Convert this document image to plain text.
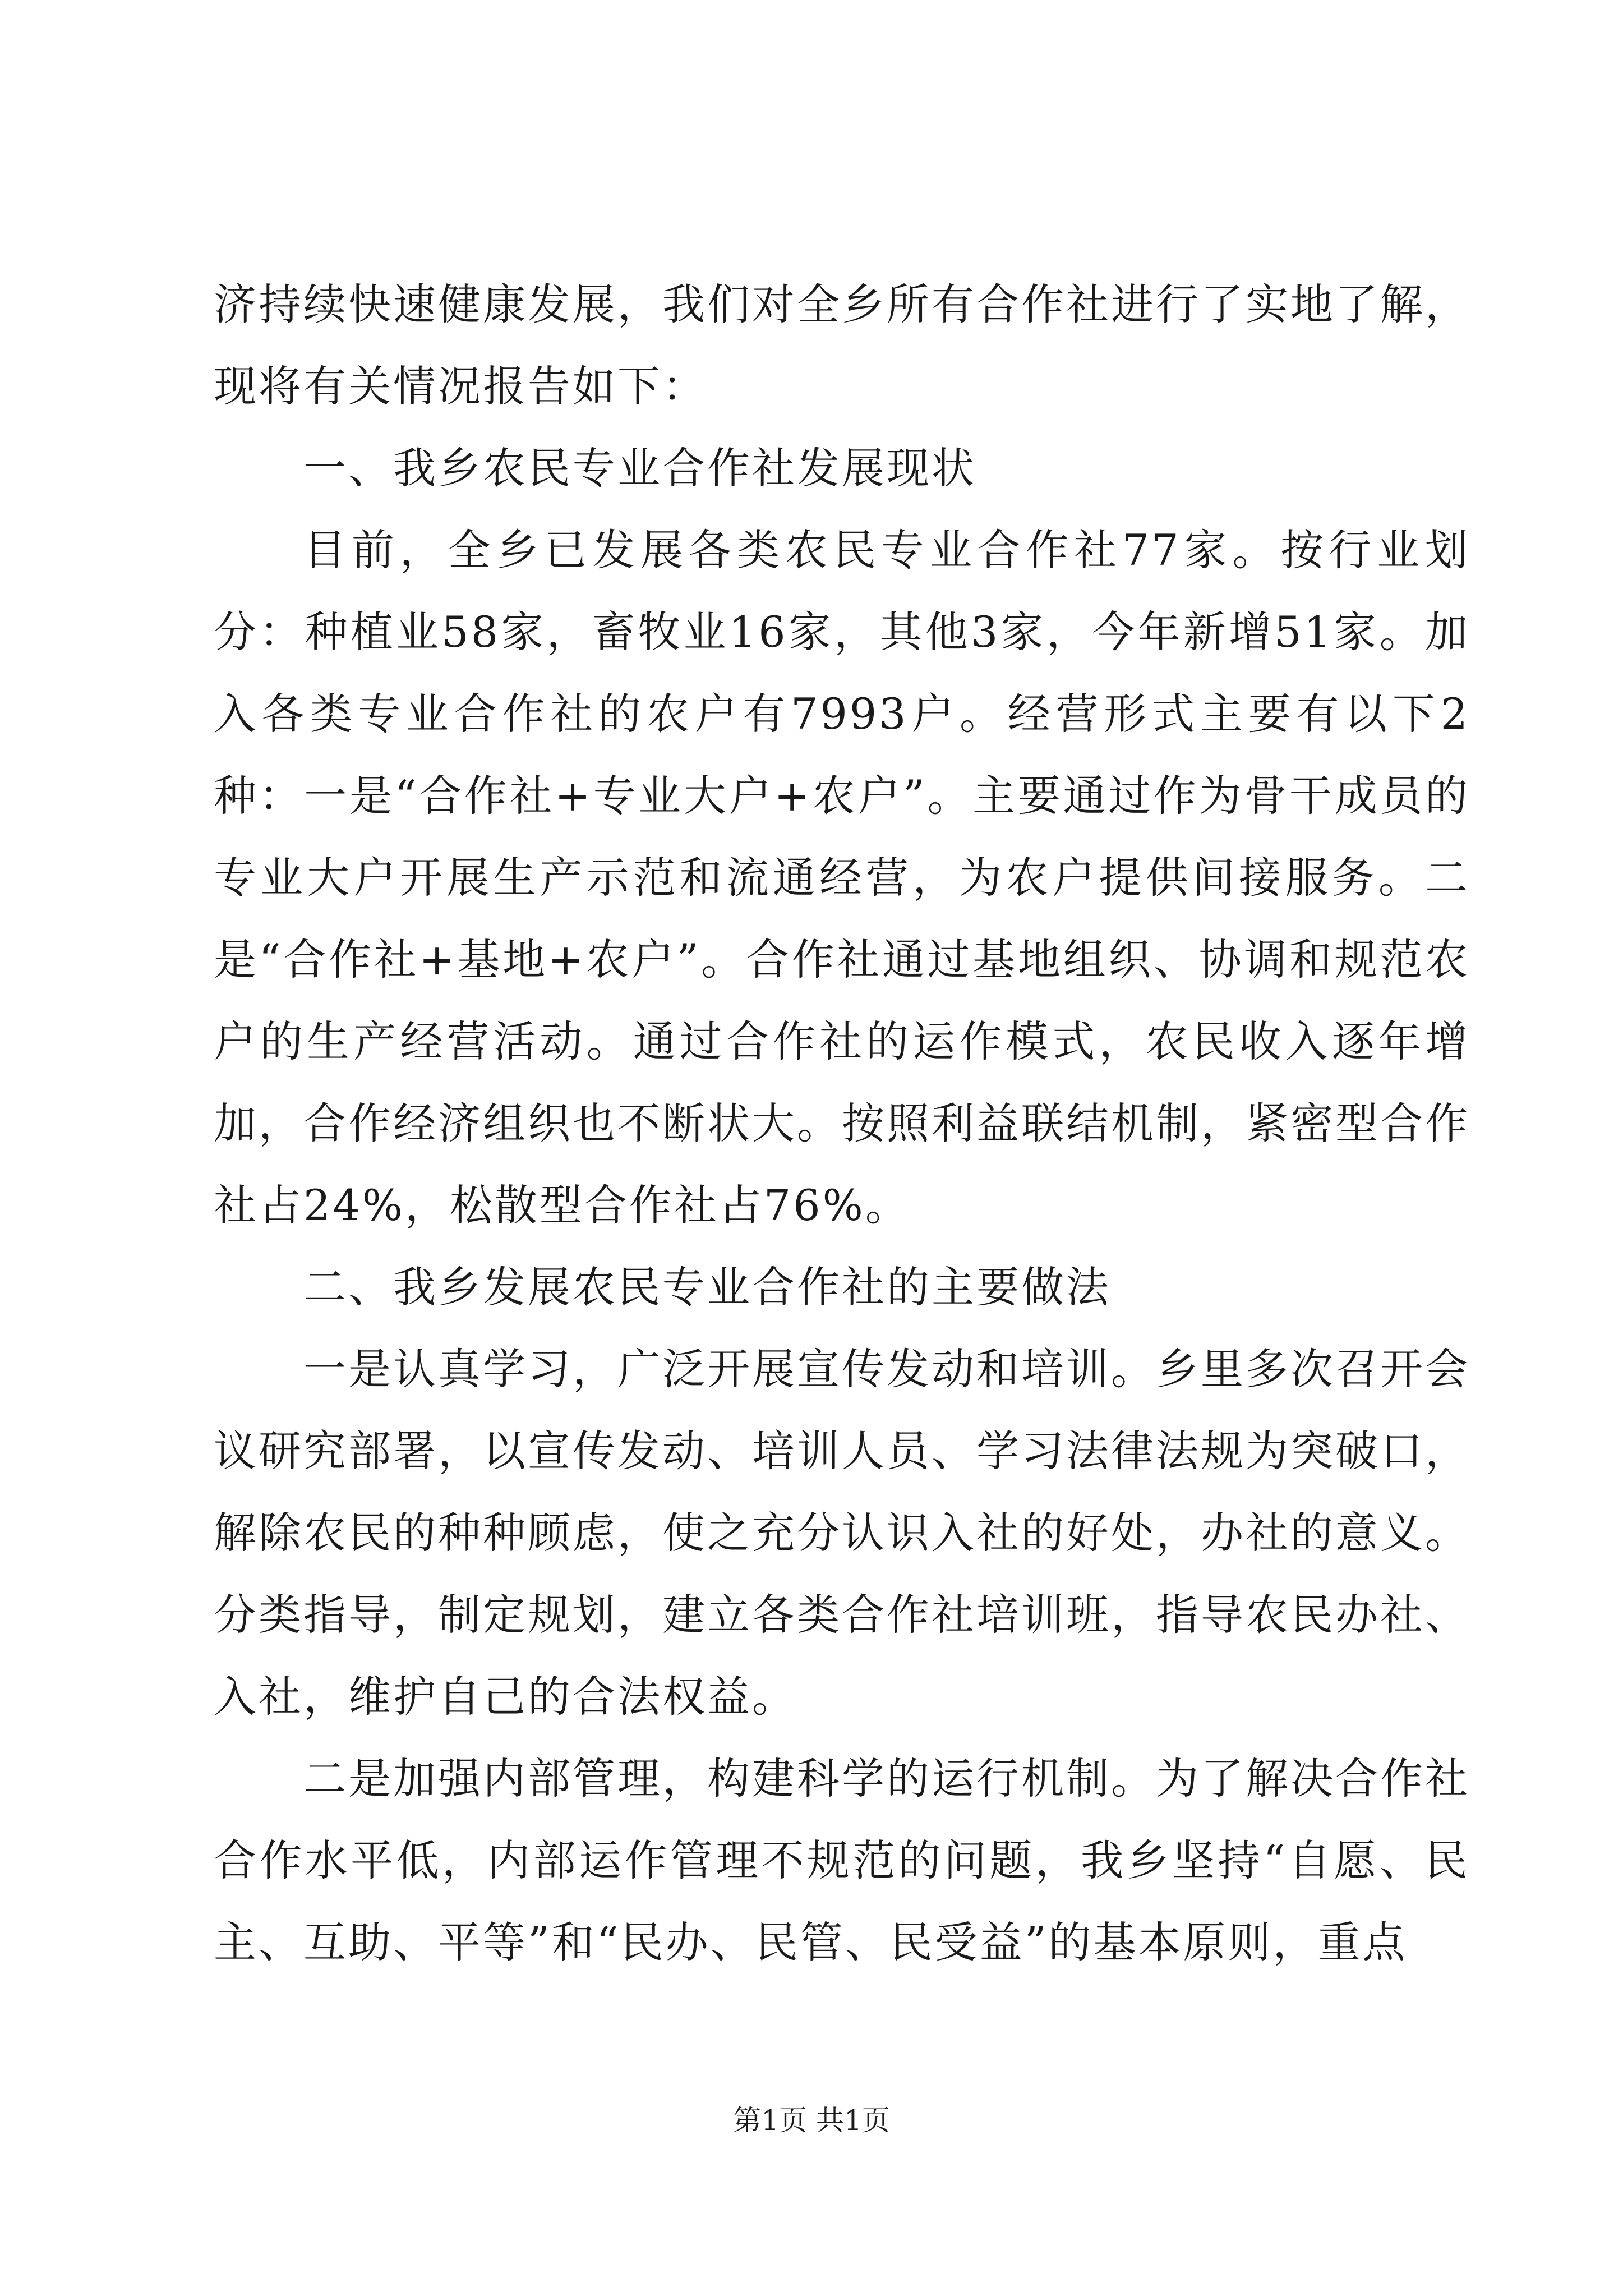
济持续快速健康发展，我们对全乡所有合作社进行了实地了解，现将有关情况报告如下：

一、我乡农民专业合作社发展现状

目前，全乡已发展各类农民专业合作社77家。按行业划分：种植业58家，畜牧业16家，其他3家，今年新增51家。加入各类专业合作社的农户有7993户。经营形式主要有以下2种：一是“合作社+专业大户+农户”。主要通过作为骨干成员的专业大户开展生产示范和流通经营，为农户提供间接服务。二是“合作社+基地+农户”。合作社通过基地组织、协调和规范农户的生产经营活动。通过合作社的运作模式，农民收入逐年增加，合作经济组织也不断状大。按照利益联结机制，紧密型合作社占24%，松散型合作社占76%。

二、我乡发展农民专业合作社的主要做法

一是认真学习，广泛开展宣传发动和培训。乡里多次召开会议研究部署，以宣传发动、培训人员、学习法律法规为突破口，解除农民的种种顾虑，使之充分认识入社的好处，办社的意义。分类指导，制定规划，建立各类合作社培训班，指导农民办社、入社，维护自己的合法权益。

二是加强内部管理，构建科学的运行机制。为了解决合作社合作水平低，内部运作管理不规范的问题，我乡坚持“自愿、民主、互助、平等”和“民办、民管、民受益”的基本原则，重点

第1页 共1页
